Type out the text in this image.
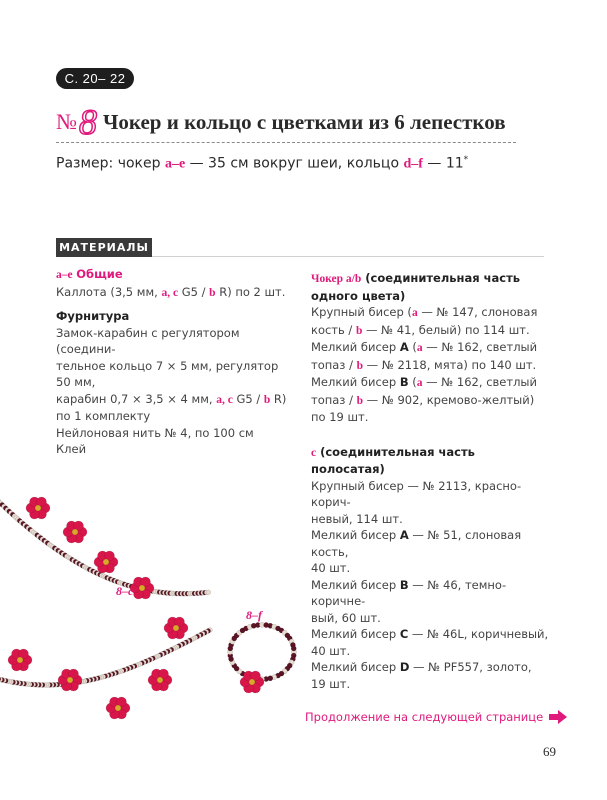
С. 20– 22
№ 8 Чокер и кольцо с цветками из 6 лепестков
Размер: чокер a–e — 35 см вокруг шеи, кольцо d–f — 11*
МАТЕРИАЛЫ

a–e Общие

Каллота (3,5 мм, a, c G5 / b R) по 2 шт.

Фурнитура

Замок-карабин с регулятором (соедини-

тельное кольцо 7 × 5 мм, регулятор 50 мм,

карабин 0,7 × 3,5 × 4 мм, a, c G5 / b R)

по 1 комплекту

Нейлоновая нить № 4, по 100 см

Клей

Чокер a/b (соединительная часть

одного цвета)

Крупный бисер (a — № 147, слоновая

кость / b — № 41, белый) по 114 шт.

Мелкий бисер A (a — № 162, светлый

топаз / b — № 2118, мята) по 140 шт.

Мелкий бисер B (a — № 162, светлый

топаз / b — № 902, кремово-желтый)

по 19 шт.

c (соединительная часть полосатая)

Крупный бисер — № 2113, красно-корич-

невый, 114 шт.

Мелкий бисер A — № 51, слоновая кость,

40 шт.

Мелкий бисер B — № 46, темно-коричне-

вый, 60 шт.

Мелкий бисер C — № 46L, коричневый,

40 шт.

Мелкий бисер D — № PF557, золото,

19 шт.

8–c
8–f
Продолжение на следующей странице
69
